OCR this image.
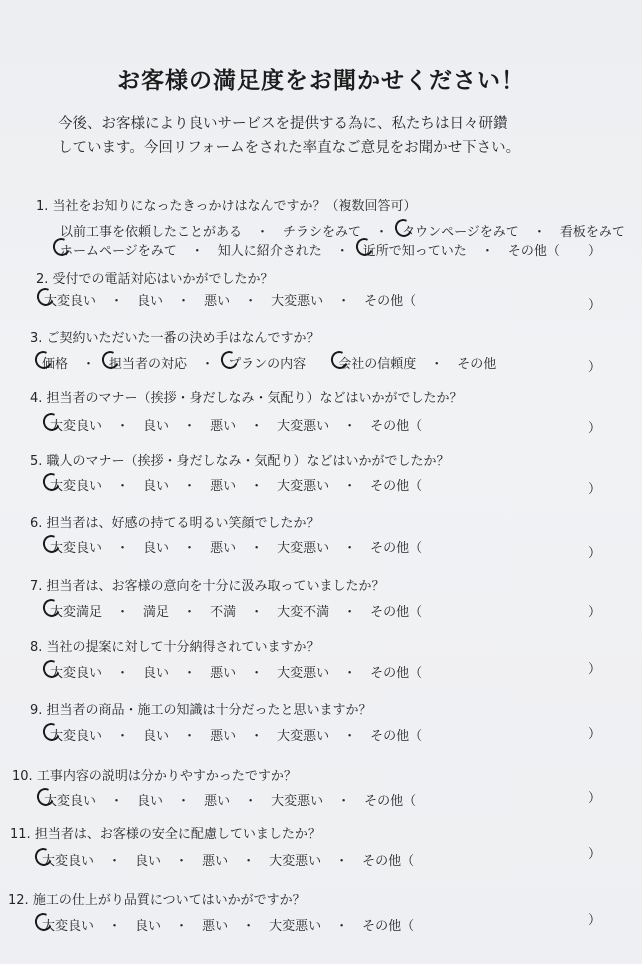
お客様の満足度をお聞かせください！
今後、お客様により良いサービスを提供する為に、私たちは日々研鑽
しています。今回リフォームをされた率直なご意見をお聞かせ下さい。
1. 当社をお知りになったきっかけはなんですか？（複数回答可）
以前工事を依頼したことがある ・ チラシをみて ・ タウンページをみて ・ 看板をみて
ホームページをみて ・ 知人に紹介された ・ 近所で知っていた ・ その他（ ）
2. 受付での電話対応はいかがでしたか？
大変良い ・ 良い ・ 悪い ・ 大変悪い ・ その他（	）
3. ご契約いただいた一番の決め手はなんですか？
価格 ・ 担当者の対応 ・ プランの内容 会社の信頼度 ・ その他	）
4. 担当者のマナー（挨拶・身だしなみ・気配り）などはいかがでしたか？
大変良い ・ 良い ・ 悪い ・ 大変悪い ・ その他（	）
5. 職人のマナー（挨拶・身だしなみ・気配り）などはいかがでしたか？
大変良い ・ 良い ・ 悪い ・ 大変悪い ・ その他（	）
6. 担当者は、好感の持てる明るい笑顔でしたか？
大変良い ・ 良い ・ 悪い ・ 大変悪い ・ その他（	）
7. 担当者は、お客様の意向を十分に汲み取っていましたか？
大変満足 ・ 満足 ・ 不満 ・ 大変不満 ・ その他（	）
8. 当社の提案に対して十分納得されていますか？
大変良い ・ 良い ・ 悪い ・ 大変悪い ・ その他（	）
9. 担当者の商品・施工の知識は十分だったと思いますか？
大変良い ・ 良い ・ 悪い ・ 大変悪い ・ その他（	）
10. 工事内容の説明は分かりやすかったですか？
大変良い ・ 良い ・ 悪い ・ 大変悪い ・ その他（	）
11. 担当者は、お客様の安全に配慮していましたか？
大変良い ・ 良い ・ 悪い ・ 大変悪い ・ その他（	）
12. 施工の仕上がり品質についてはいかがですか？
大変良い ・ 良い ・ 悪い ・ 大変悪い ・ その他（	）
